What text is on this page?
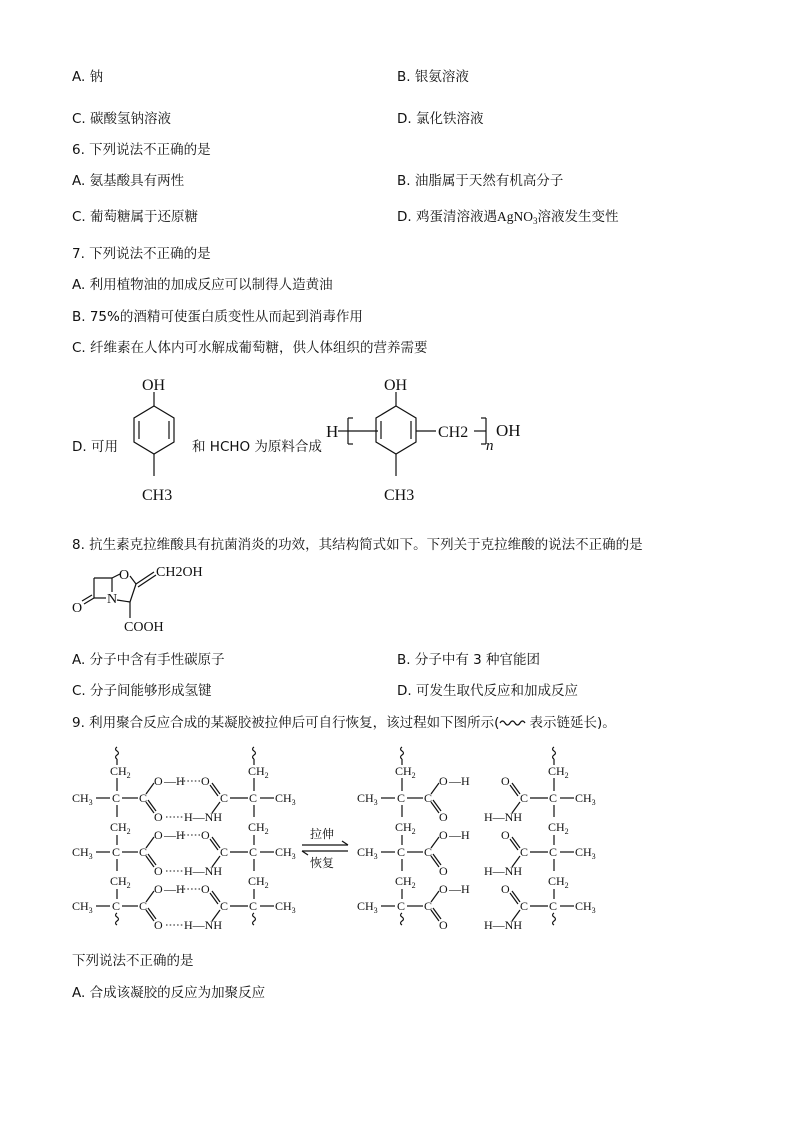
A. 钠	B. 银氨溶液
C. 碳酸氢钠溶液	D. 氯化铁溶液
6. 下列说法不正确的是
A. 氨基酸具有两性	B. 油脂属于天然有机高分子
C. 葡萄糖属于还原糖	D. 鸡蛋清溶液遇AgNO$_3$溶液发生变性
7. 下列说法不正确的是
A. 利用植物油的加成反应可以制得人造黄油
B. 75%的酒精可使蛋白质变性从而起到消毒作用
C. 纤维素在人体内可水解成葡萄糖，供人体组织的营养需要
D. 可用	和 HCHO 为原料合成
OH
CH3
H
OH
CH2
n
OH
CH3
8. 抗生素克拉维酸具有抗菌消炎的功效，其结构简式如下。下列关于克拉维酸的说法不正确的是
O
N
O
CH2OH
COOH
A. 分子中含有手性碳原子	B. 分子中有 3 种官能团
C. 分子间能够形成氢键	D. 可发生取代反应和加成反应
9. 利用聚合反应合成的某凝胶被拉伸后可自行恢复，该过程如下图所示( 表示链延长)。
$CH_2$
$CH_3$ C C
O —H
O
$CH_2$
$CH_3$ C C
O —H
O
$CH_2$
$CH_3$ C C
O —H
O
O
H—NH
C C $CH_3$
$CH_2$
$CH_2$
O
H—NH
C C $CH_3$
$CH_2$
O
H—NH
C C $CH_3$
拉伸
恢复
$CH_2$
$CH_3$ C C
O —H
O
$CH_2$
$CH_3$ C C
O —H
O
$CH_2$
$CH_3$ C C
O —H
O
O
H—NH
C C $CH_3$
$CH_2$
$CH_2$
O
H—NH
C C $CH_3$
$CH_2$
O
H—NH
C C $CH_3$
下列说法不正确的是
A. 合成该凝胶的反应为加聚反应
